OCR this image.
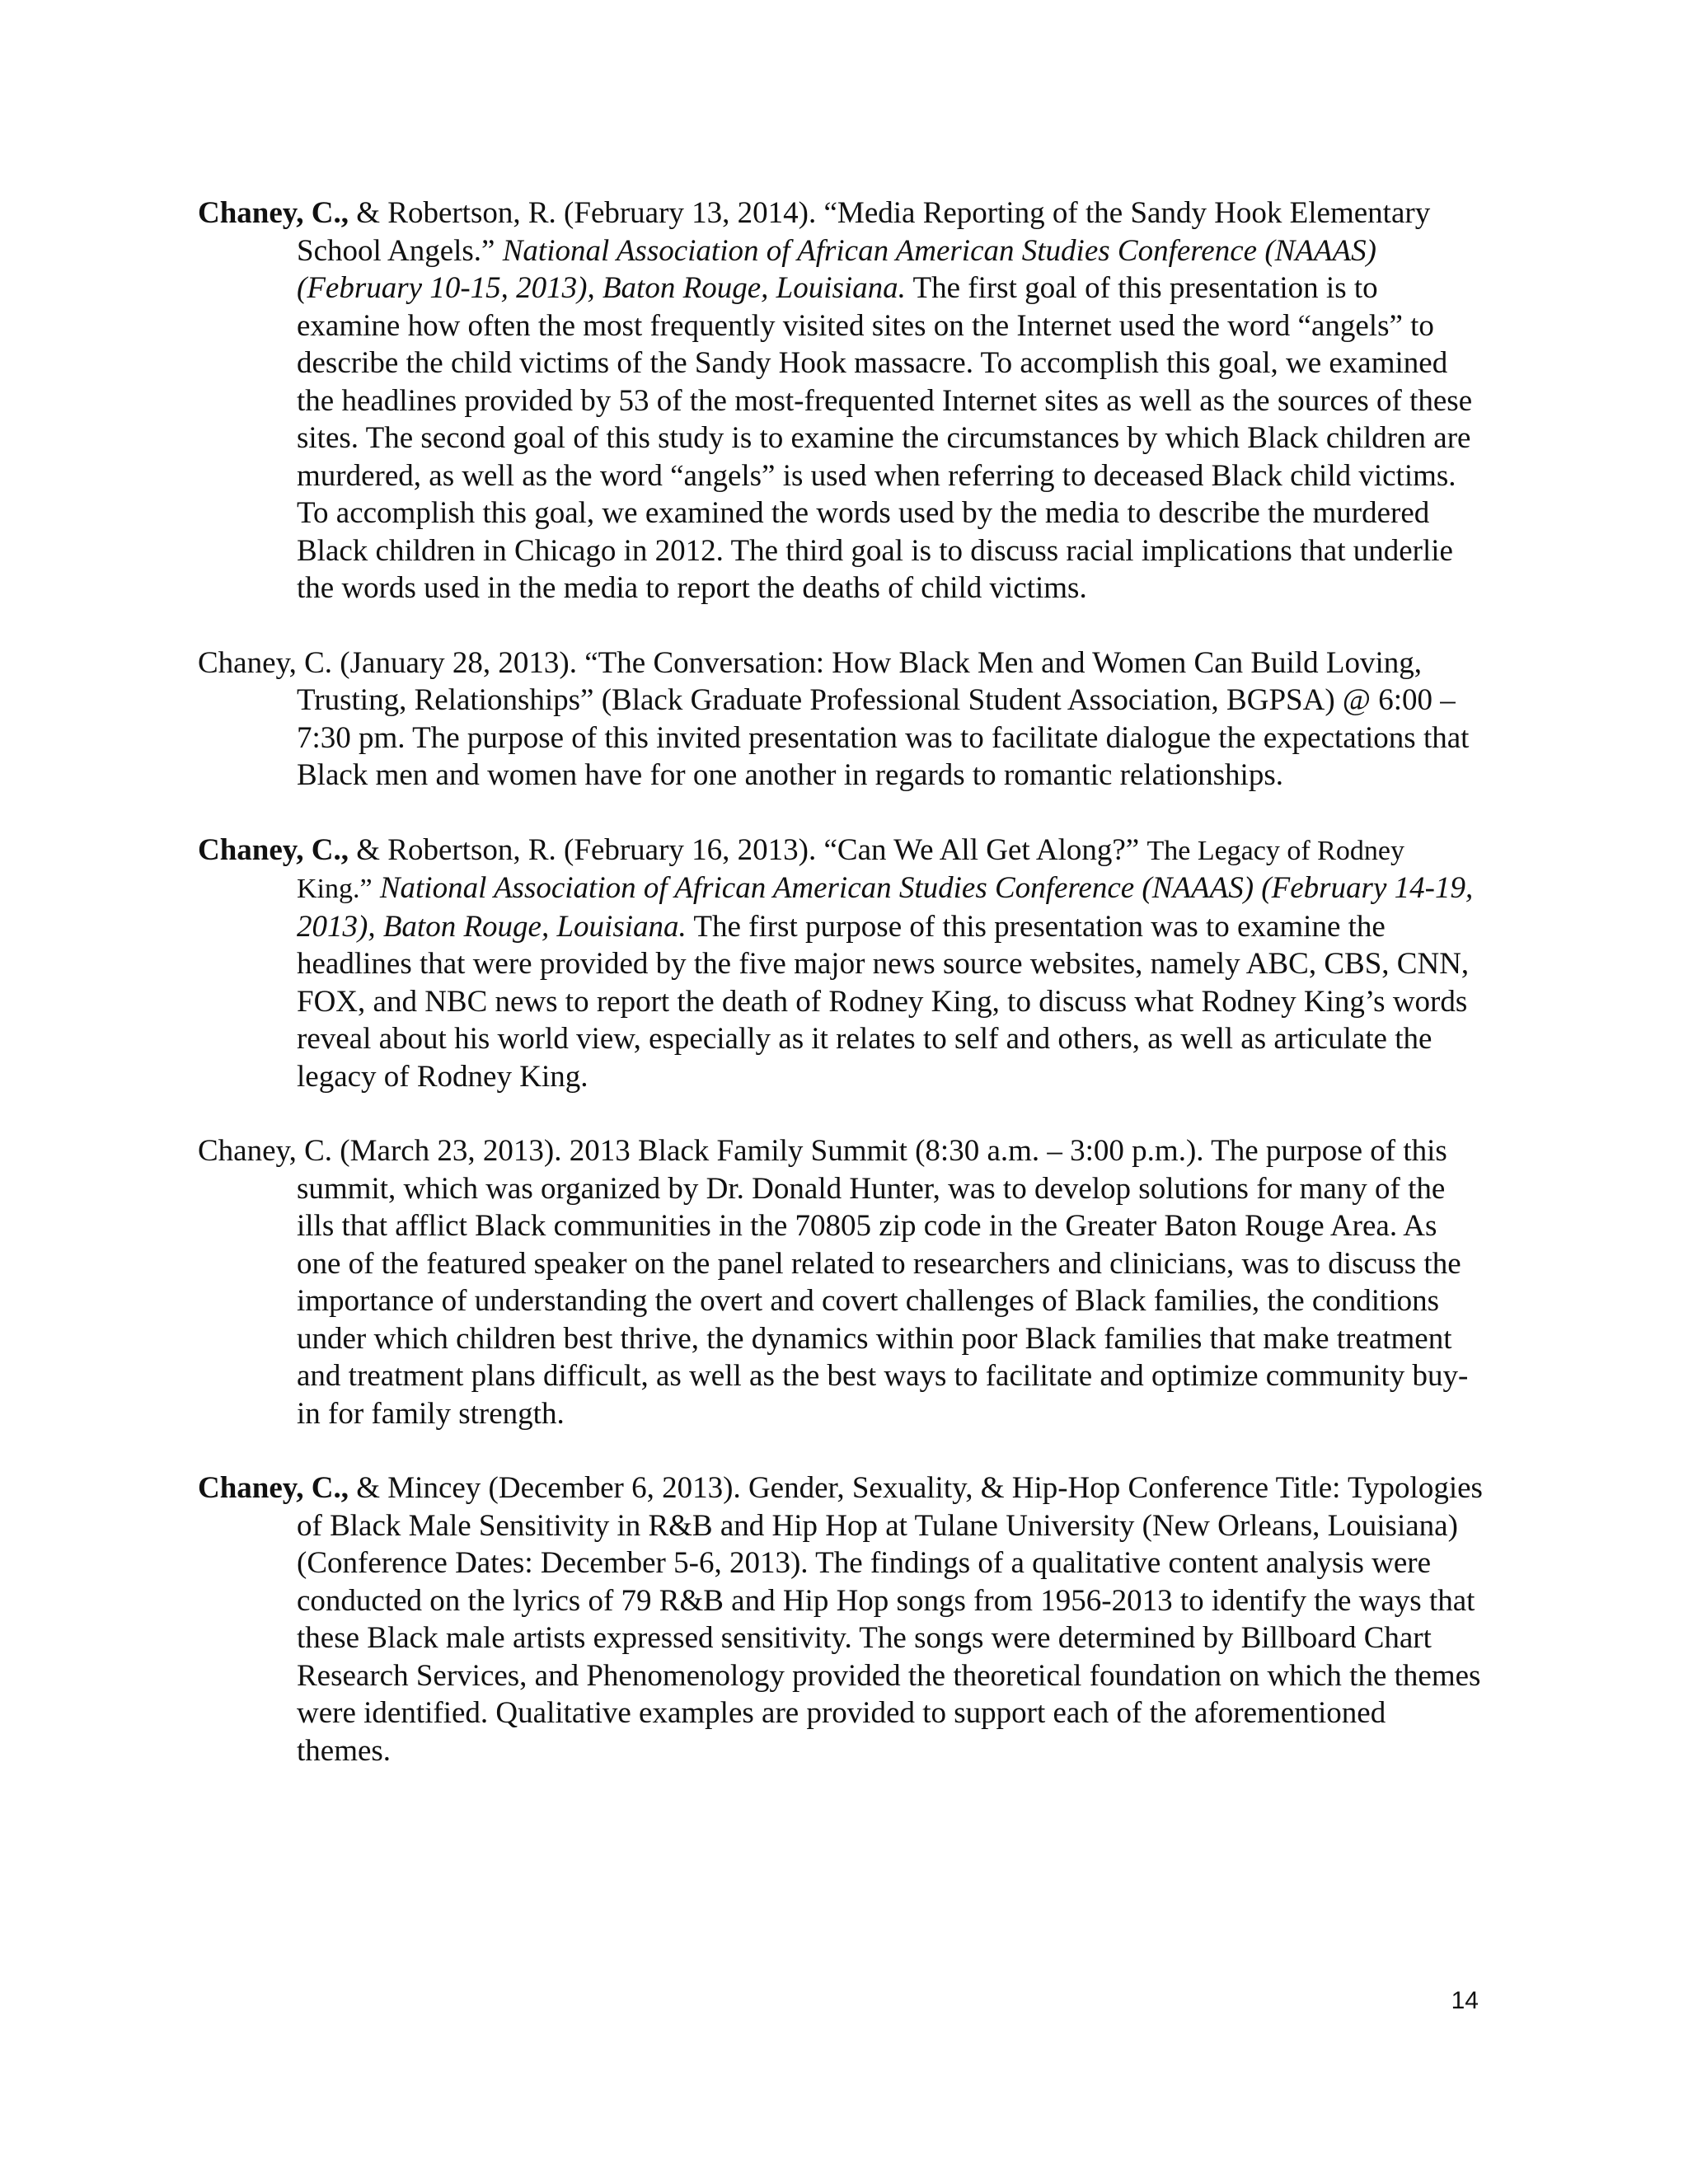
Chaney, C., & Robertson, R. (February 13, 2014). “Media Reporting of the Sandy Hook Elementary School Angels.” National Association of African American Studies Conference (NAAAS) (February 10-15, 2013), Baton Rouge, Louisiana. The first goal of this presentation is to examine how often the most frequently visited sites on the Internet used the word “angels” to describe the child victims of the Sandy Hook massacre. To accomplish this goal, we examined the headlines provided by 53 of the most-frequented Internet sites as well as the sources of these sites. The second goal of this study is to examine the circumstances by which Black children are murdered, as well as the word “angels” is used when referring to deceased Black child victims. To accomplish this goal, we examined the words used by the media to describe the murdered Black children in Chicago in 2012. The third goal is to discuss racial implications that underlie the words used in the media to report the deaths of child victims.

Chaney, C. (January 28, 2013). “The Conversation: How Black Men and Women Can Build Loving, Trusting, Relationships” (Black Graduate Professional Student Association, BGPSA) @ 6:00 – 7:30 pm. The purpose of this invited presentation was to facilitate dialogue the expectations that Black men and women have for one another in regards to romantic relationships.

Chaney, C., & Robertson, R. (February 16, 2013). “Can We All Get Along?” The Legacy of Rodney King.” National Association of African American Studies Conference (NAAAS) (February 14-19, 2013), Baton Rouge, Louisiana. The first purpose of this presentation was to examine the headlines that were provided by the five major news source websites, namely ABC, CBS, CNN, FOX, and NBC news to report the death of Rodney King, to discuss what Rodney King’s words reveal about his world view, especially as it relates to self and others, as well as articulate the legacy of Rodney King.

Chaney, C. (March 23, 2013). 2013 Black Family Summit (8:30 a.m. – 3:00 p.m.). The purpose of this summit, which was organized by Dr. Donald Hunter, was to develop solutions for many of the ills that afflict Black communities in the 70805 zip code in the Greater Baton Rouge Area. As one of the featured speaker on the panel related to researchers and clinicians, was to discuss the importance of understanding the overt and covert challenges of Black families, the conditions under which children best thrive, the dynamics within poor Black families that make treatment and treatment plans difficult, as well as the best ways to facilitate and optimize community buy-in for family strength.

Chaney, C., & Mincey (December 6, 2013). Gender, Sexuality, & Hip-Hop Conference Title: Typologies of Black Male Sensitivity in R&B and Hip Hop at Tulane University (New Orleans, Louisiana) (Conference Dates: December 5-6, 2013). The findings of a qualitative content analysis were conducted on the lyrics of 79 R&B and Hip Hop songs from 1956-2013 to identify the ways that these Black male artists expressed sensitivity. The songs were determined by Billboard Chart Research Services, and Phenomenology provided the theoretical foundation on which the themes were identified. Qualitative examples are provided to support each of the aforementioned themes.

14
